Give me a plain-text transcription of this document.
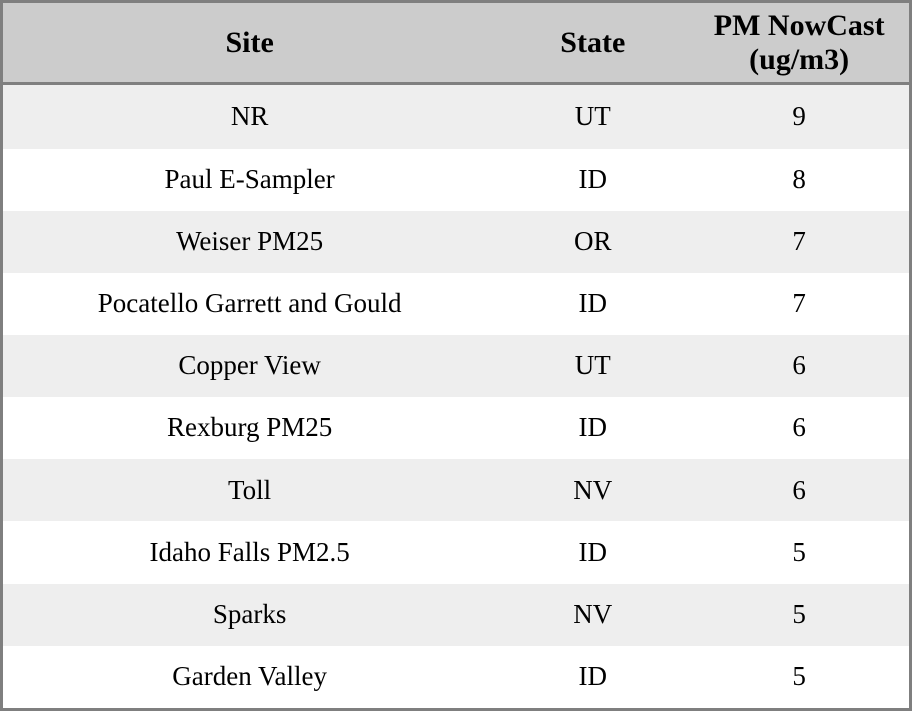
Site	State	PM NowCast (ug/m3)
NR	UT	9
Paul E-Sampler	ID	8
Weiser PM25	OR	7
Pocatello Garrett and Gould	ID	7
Copper View	UT	6
Rexburg PM25	ID	6
Toll	NV	6
Idaho Falls PM2.5	ID	5
Sparks	NV	5
Garden Valley	ID	5
